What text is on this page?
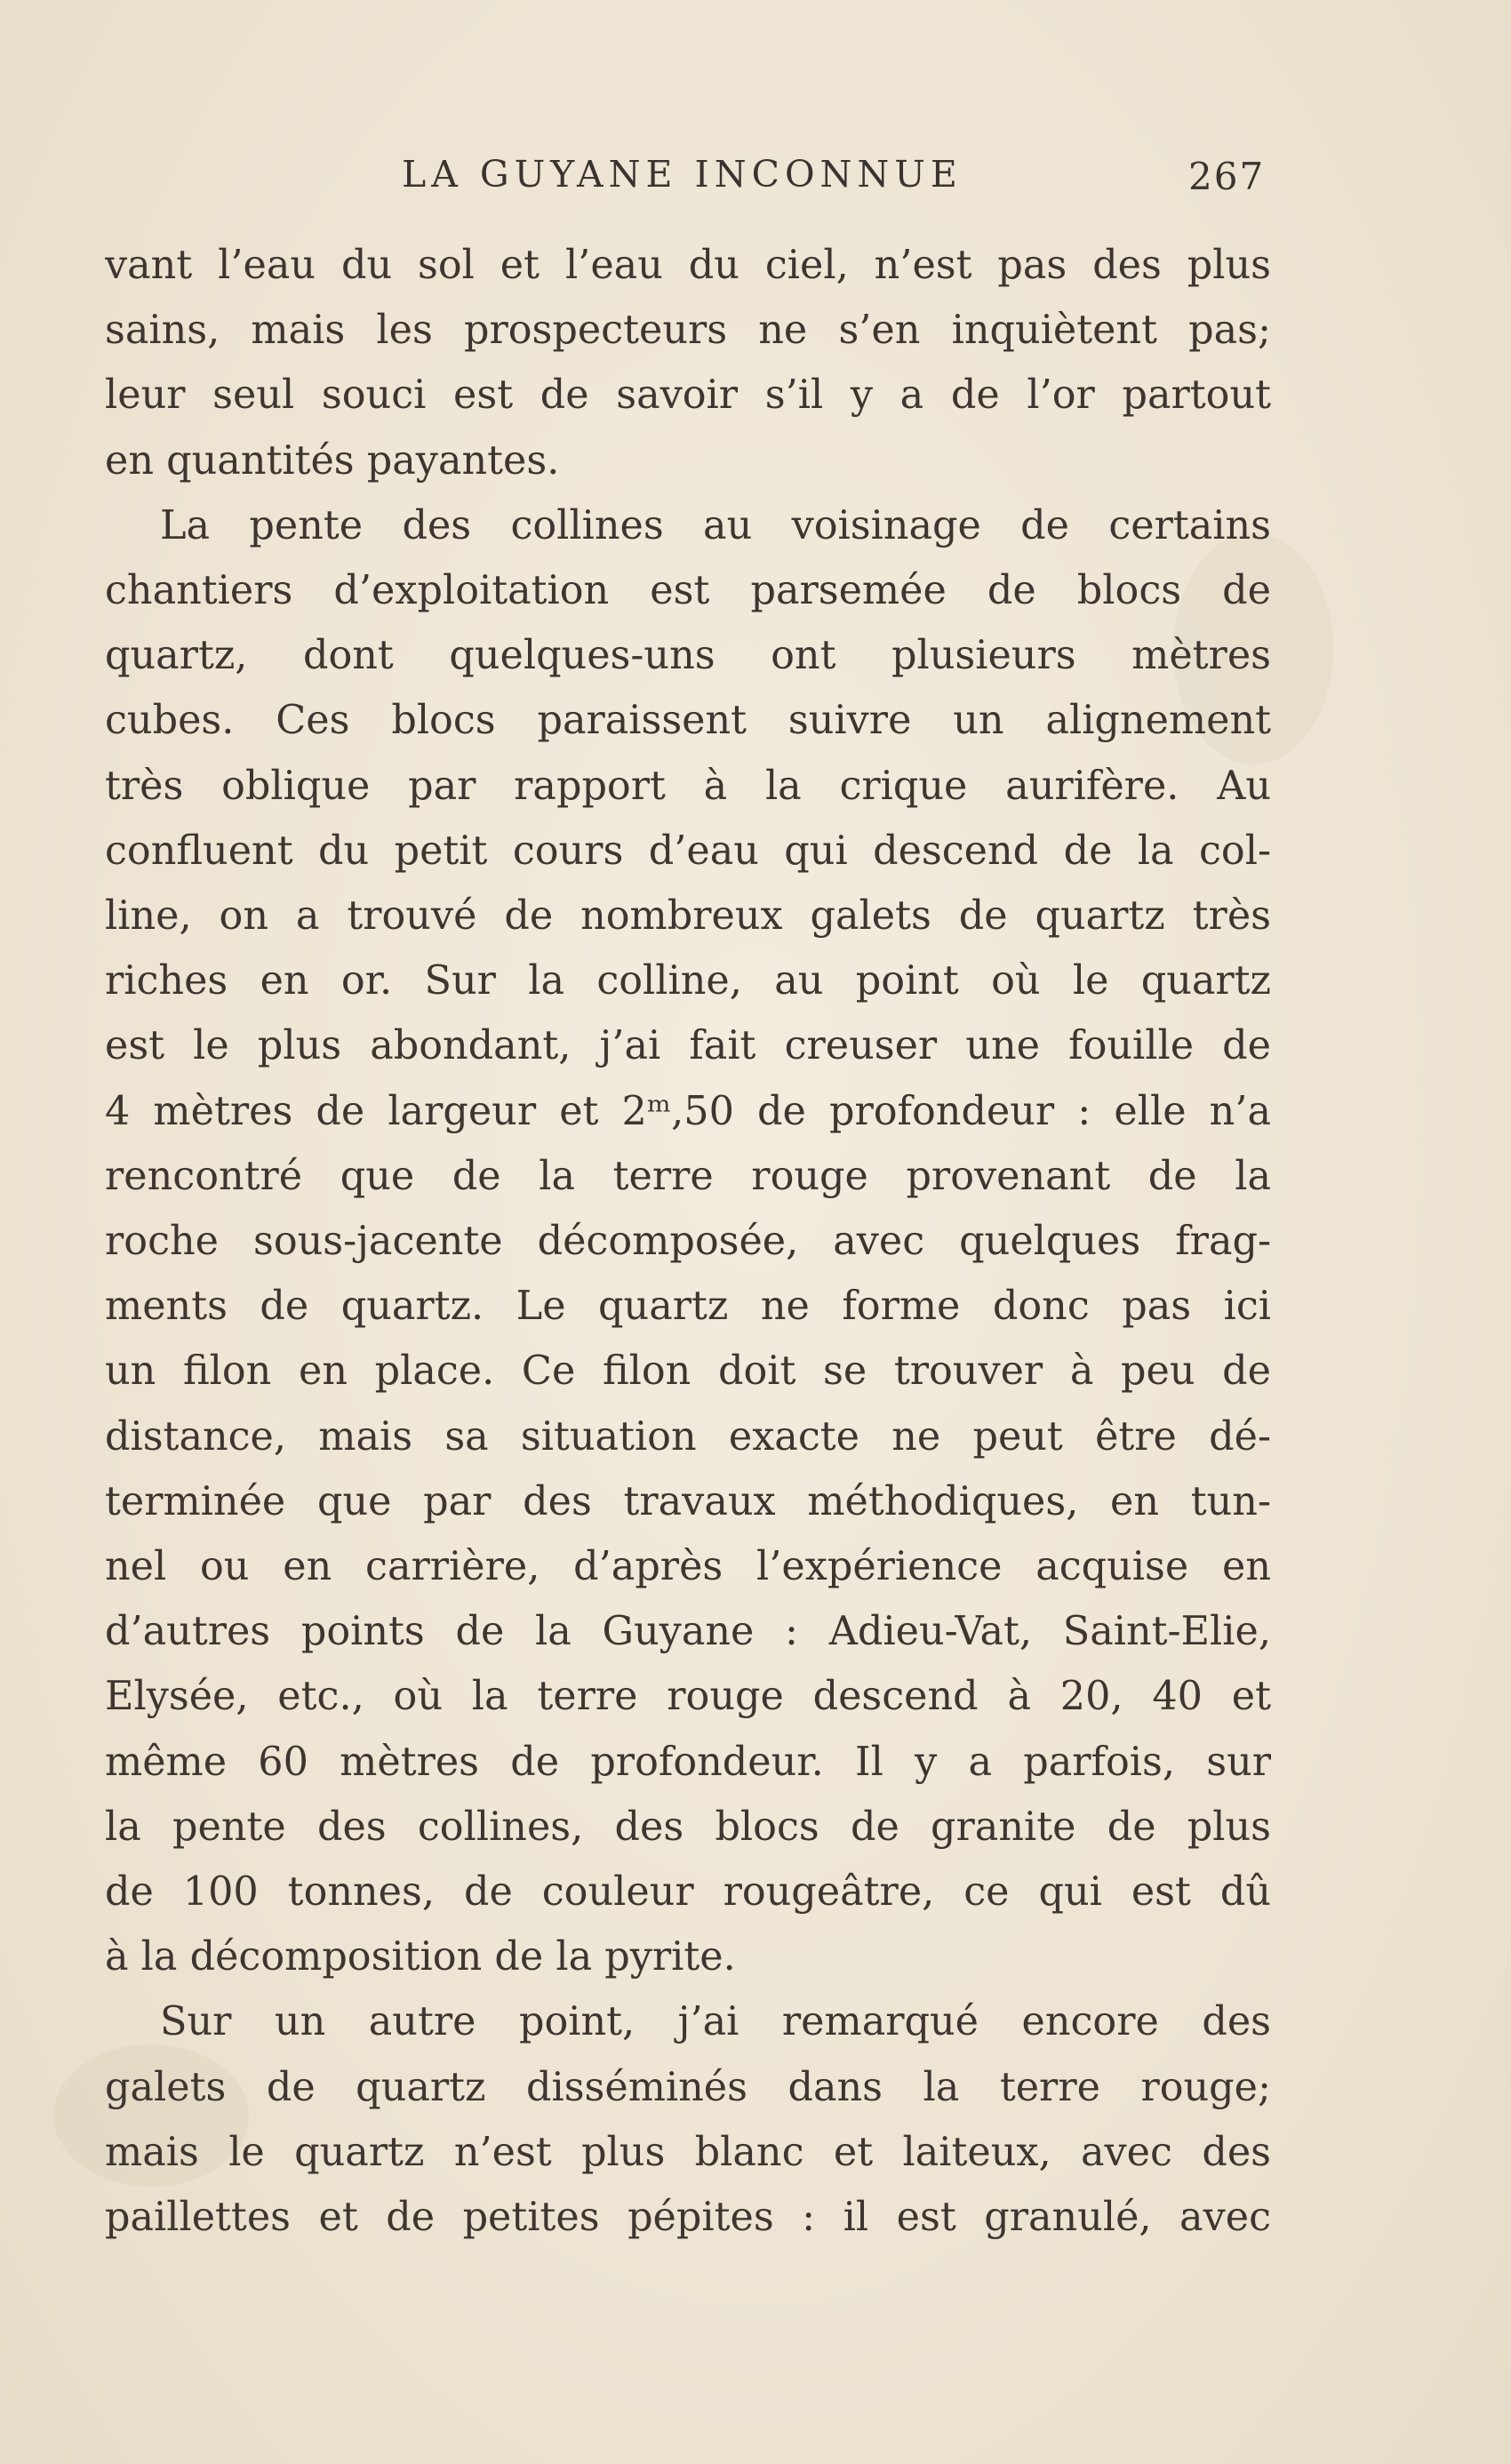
LA GUYANE INCONNUE	267
vant l’eau du sol et l’eau du ciel, n’est pas des plus
sains, mais les prospecteurs ne s’en inquiètent pas;
leur seul souci est de savoir s’il y a de l’or partout
en quantités payantes.
La pente des collines au voisinage de certains
chantiers d’exploitation est parsemée de blocs de
quartz, dont quelques-uns ont plusieurs mètres
cubes. Ces blocs paraissent suivre un alignement
très oblique par rapport à la crique aurifère. Au
confluent du petit cours d’eau qui descend de la col-
line, on a trouvé de nombreux galets de quartz très
riches en or. Sur la colline, au point où le quartz
est le plus abondant, j’ai fait creuser une fouille de
4 mètres de largeur et 2ᵐ,50 de profondeur : elle n’a
rencontré que de la terre rouge provenant de la
roche sous-jacente décomposée, avec quelques frag-
ments de quartz. Le quartz ne forme donc pas ici
un filon en place. Ce filon doit se trouver à peu de
distance, mais sa situation exacte ne peut être dé-
terminée que par des travaux méthodiques, en tun-
nel ou en carrière, d’après l’expérience acquise en
d’autres points de la Guyane : Adieu-Vat, Saint-Elie,
Elysée, etc., où la terre rouge descend à 20, 40 et
même 60 mètres de profondeur. Il y a parfois, sur
la pente des collines, des blocs de granite de plus
de 100 tonnes, de couleur rougeâtre, ce qui est dû
à la décomposition de la pyrite.
Sur un autre point, j’ai remarqué encore des
galets de quartz disséminés dans la terre rouge;
mais le quartz n’est plus blanc et laiteux, avec des
paillettes et de petites pépites : il est granulé, avec
